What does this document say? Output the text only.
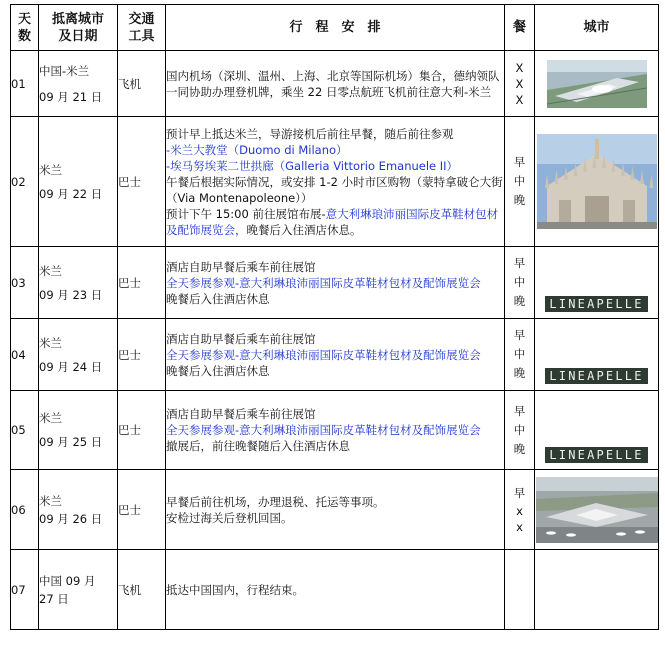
天
数	抵离城市
及日期	交通
工具	行　程　安　排	餐	城市
01	中国-米兰
09 月 21 日	飞机	国内机场（深圳、温州、上海、北京等国际机场）集合，德纳领队一同协助办理登机牌，乘坐 22 日零点航班飞机前往意大利-米兰	X
X
X

02	米兰
09 月 22 日	巴士	预计早上抵达米兰，导游接机后前往早餐，随后前往参观
-米兰大教堂（Duomo di Milano）
-埃马努埃莱二世拱廊（Galleria Vittorio Emanuele II）
午餐后根据实际情况，或安排 1-2 小时市区购物（蒙特拿破仑大街（Via Montenapoleone））
预计下午 15:00 前往展馆布展-意大利琳琅沛丽国际皮革鞋材包材及配饰展览会，晚餐后入住酒店休息。	早
中
晚

03	米兰
09 月 23 日	巴士	酒店自助早餐后乘车前往展馆
全天参展参观-意大利琳琅沛丽国际皮革鞋材包材及配饰展览会
晚餐后入住酒店休息	早
中
晚	LINEAPELLE

04	米兰
09 月 24 日	巴士	酒店自助早餐后乘车前往展馆
全天参展参观-意大利琳琅沛丽国际皮革鞋材包材及配饰展览会
晚餐后入住酒店休息	早
中
晚	LINEAPELLE

05	米兰
09 月 25 日	巴士	酒店自助早餐后乘车前往展馆
全天参展参观-意大利琳琅沛丽国际皮革鞋材包材及配饰展览会
撤展后，前往晚餐随后入住酒店休息	早
中
晚	LINEAPELLE

06	米兰
09 月 26 日	巴士	早餐后前往机场，办理退税、托运等事项。
安检过海关后登机回国。	早
x
x

07	中国 09 月
27 日	飞机	抵达中国国内，行程结束。		
